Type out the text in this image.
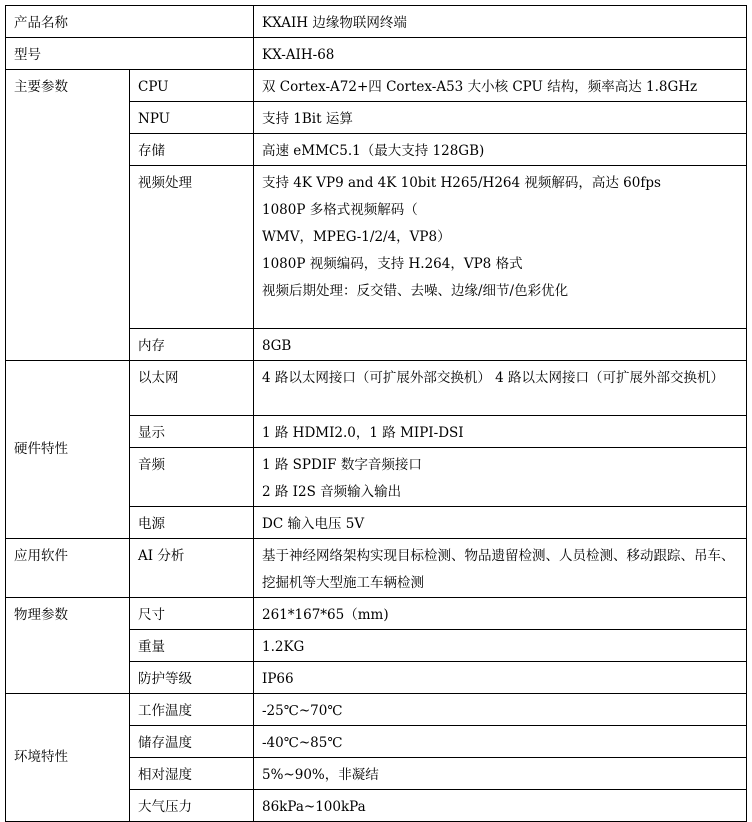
产品名称		KXAIH 边缘物联网终端
型号		KX-AIH-68
主要参数	CPU	双 Cortex-A72+四 Cortex-A53 大小核 CPU 结构，频率高达 1.8GHz
	NPU	支持 1Bit 运算
	存储	高速 eMMC5.1（最大支持 128GB)
	视频处理	支持 4K VP9 and 4K 10bit H265/H264 视频解码，高达 60fps
1080P 多格式视频解码（
WMV，MPEG-1/2/4，VP8）
1080P 视频编码，支持 H.264，VP8 格式
视频后期处理：反交错、去噪、边缘/细节/色彩优化

	内存	8GB
硬件特性	以太网	4 路以太网接口（可扩展外部交换机） 4 路以太网接口（可扩展外部交换机）
	显示	1 路 HDMI2.0，1 路 MIPI-DSI
	音频	1 路 SPDIF 数字音频接口
2 路 I2S 音频输入输出

	电源	DC 输入电压 5V
应用软件	AI 分析	基于神经网络架构实现目标检测、物品遗留检测、人员检测、移动跟踪、吊车、挖掘机等大型施工车辆检测
物理参数	尺寸	261*167*65（mm)
	重量	1.2KG
	防护等级	IP66
环境特性	工作温度	-25℃~70℃
	储存温度	-40℃~85℃
	相对湿度	5%~90%，非凝结
	大气压力	86kPa~100kPa
